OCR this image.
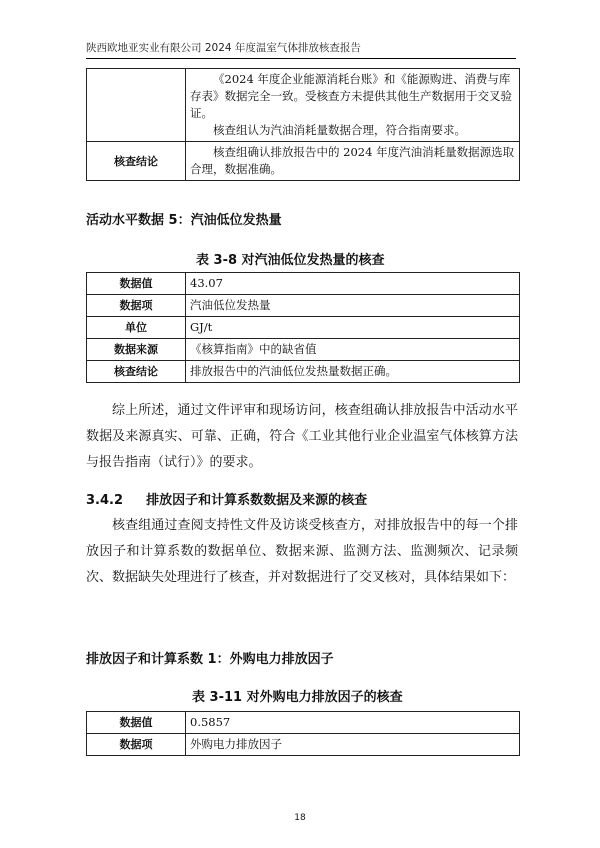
陕西欧地亚实业有限公司 2024 年度温室气体排放核查报告

	《2024 年度企业能源消耗台账》和《能源购进、消费与库存表》数据完全一致。受核查方未提供其他生产数据用于交叉验证。

核查组认为汽油消耗量数据合理，符合指南要求。

核查结论	核查组确认排放报告中的 2024 年度汽油消耗量数据源选取合理，数据准确。

活动水平数据 5：汽油低位发热量
表 3-8 对汽油低位发热量的核查
数据值	43.07
数据项	汽油低位发热量
单位	GJ/t
数据来源	《核算指南》中的缺省值
核查结论	排放报告中的汽油低位发热量数据正确。

综上所述，通过文件评审和现场访问，核查组确认排放报告中活动水平数据及来源真实、可靠、正确，符合《工业其他行业企业温室气体核算方法与报告指南（试行）》的要求。

3.4.2 排放因子和计算系数数据及来源的核查

核查组通过查阅支持性文件及访谈受核查方，对排放报告中的每一个排放因子和计算系数的数据单位、数据来源、监测方法、监测频次、记录频次、数据缺失处理进行了核查，并对数据进行了交叉核对，具体结果如下：

排放因子和计算系数 1：外购电力排放因子
表 3-11 对外购电力排放因子的核查
数据值	0.5857
数据项	外购电力排放因子
18
